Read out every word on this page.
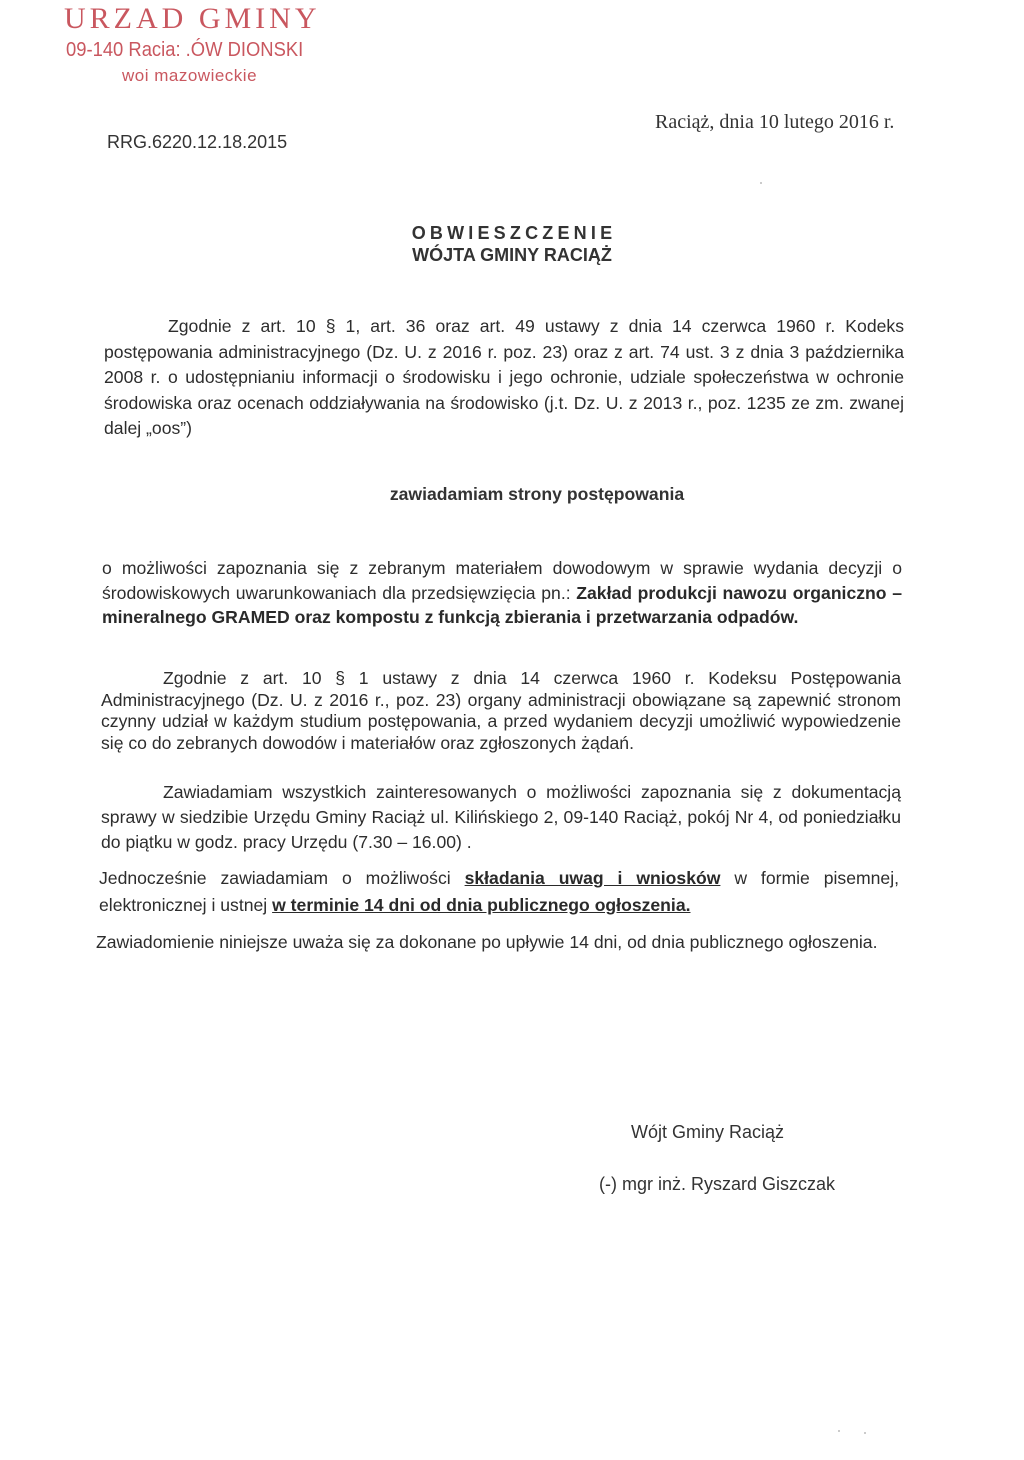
URZAD GMINY
09-140 Racia: .ÓW DIONSKI
woi mazowieckie
RRG.6220.12.18.2015
Raciąż, dnia 10 lutego 2016 r.
OBWIESZCZENIE
WÓJTA GMINY RACIĄŻ
Zgodnie z art. 10 § 1, art. 36 oraz art. 49 ustawy z dnia 14 czerwca 1960 r. Kodeks postępowania administracyjnego (Dz. U. z 2016 r. poz. 23) oraz z art. 74 ust. 3 z dnia 3 października 2008 r. o udostępnianiu informacji o środowisku i jego ochronie, udziale społeczeństwa w ochronie środowiska oraz ocenach oddziaływania na środowisko (j.t. Dz. U. z 2013 r., poz. 1235 ze zm. zwanej dalej „oos”)
zawiadamiam strony postępowania
o możliwości zapoznania się z zebranym materiałem dowodowym w sprawie wydania decyzji o środowiskowych uwarunkowaniach dla przedsięwzięcia pn.: Zakład produkcji nawozu organiczno – mineralnego GRAMED oraz kompostu z funkcją zbierania i przetwarzania odpadów.
Zgodnie z art. 10 § 1 ustawy z dnia 14 czerwca 1960 r. Kodeksu Postępowania Administracyjnego (Dz. U. z 2016 r., poz. 23) organy administracji obowiązane są zapewnić stronom czynny udział w każdym studium postępowania, a przed wydaniem decyzji umożliwić wypowiedzenie się co do zebranych dowodów i materiałów oraz zgłoszonych żądań.
Zawiadamiam wszystkich zainteresowanych o możliwości zapoznania się z dokumentacją sprawy w siedzibie Urzędu Gminy Raciąż ul. Kilińskiego 2, 09-140 Raciąż, pokój Nr 4, od poniedziałku do piątku w godz. pracy Urzędu (7.30 – 16.00) .
Jednocześnie zawiadamiam o możliwości składania uwag i wniosków w formie pisemnej, elektronicznej i ustnej w terminie 14 dni od dnia publicznego ogłoszenia.
Zawiadomienie niniejsze uważa się za dokonane po upływie 14 dni, od dnia publicznego ogłoszenia.
Wójt Gminy Raciąż
(-) mgr inż. Ryszard Giszczak
